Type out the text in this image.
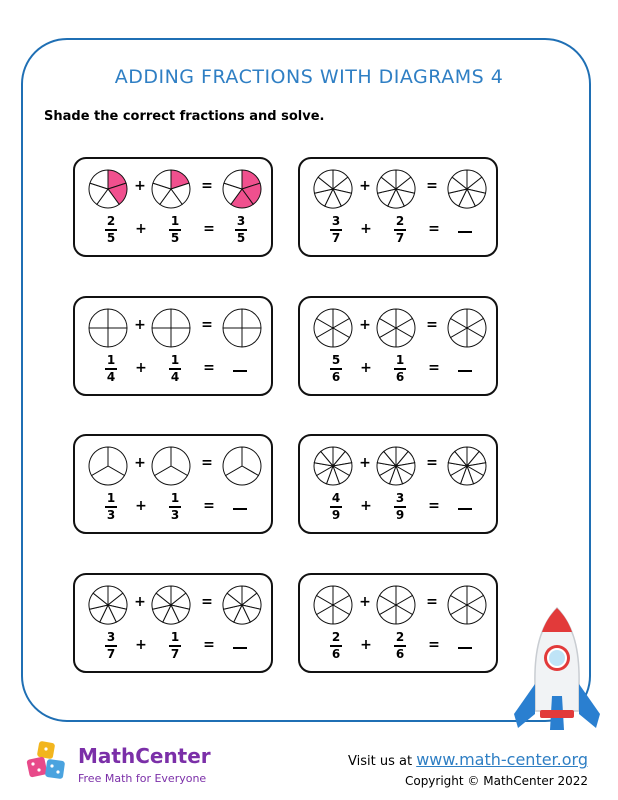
ADDING FRACTIONS WITH DIAGRAMS 4
Shade the correct fractions and solve.
+	=
2
5
+	1
5
=	3
5
+	=
3
7
+	2
7
=
+	=
1
4
+	1
4
=
+	=
5
6
+	1
6
=
+	=
1
3
+	1
3
=
+	=
4
9
+	3
9
=
+	=
3
7
+	1
7
=
+	=
2
6
+	2
6
=
MathCenter
Free Math for Everyone
Visit us at www.math-center.org
Copyright © MathCenter 2022
